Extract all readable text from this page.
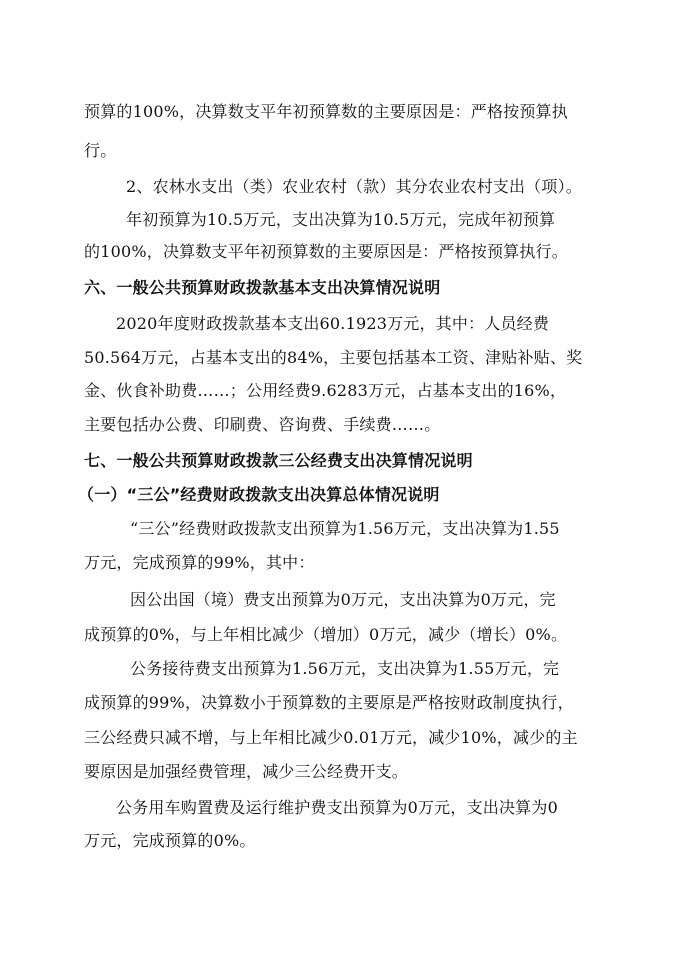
预算的100%，决算数支平年初预算数的主要原因是：严格按预算执
行。
2、农林水支出（类）农业农村（款）其分农业农村支出（项）。
年初预算为10.5万元，支出决算为10.5万元，完成年初预算
的100%，决算数支平年初预算数的主要原因是：严格按预算执行。
六、一般公共预算财政拨款基本支出决算情况说明
2020年度财政拨款基本支出60.1923万元，其中：人员经费
50.564万元，占基本支出的84%，主要包括基本工资、津贴补贴、奖
金、伙食补助费……；公用经费9.6283万元，占基本支出的16%，
主要包括办公费、印刷费、咨询费、手续费……。
七、一般公共预算财政拨款三公经费支出决算情况说明
（一）“三公”经费财政拨款支出决算总体情况说明
“三公”经费财政拨款支出预算为1.56万元，支出决算为1.55
万元，完成预算的99%，其中：
因公出国（境）费支出预算为0万元，支出决算为0万元，完
成预算的0%，与上年相比减少（增加）0万元，减少（增长）0%。
公务接待费支出预算为1.56万元，支出决算为1.55万元，完
成预算的99%，决算数小于预算数的主要原是严格按财政制度执行，
三公经费只减不增，与上年相比减少0.01万元，减少10%，减少的主
要原因是加强经费管理，减少三公经费开支。
公务用车购置费及运行维护费支出预算为0万元，支出决算为0
万元，完成预算的0%。
